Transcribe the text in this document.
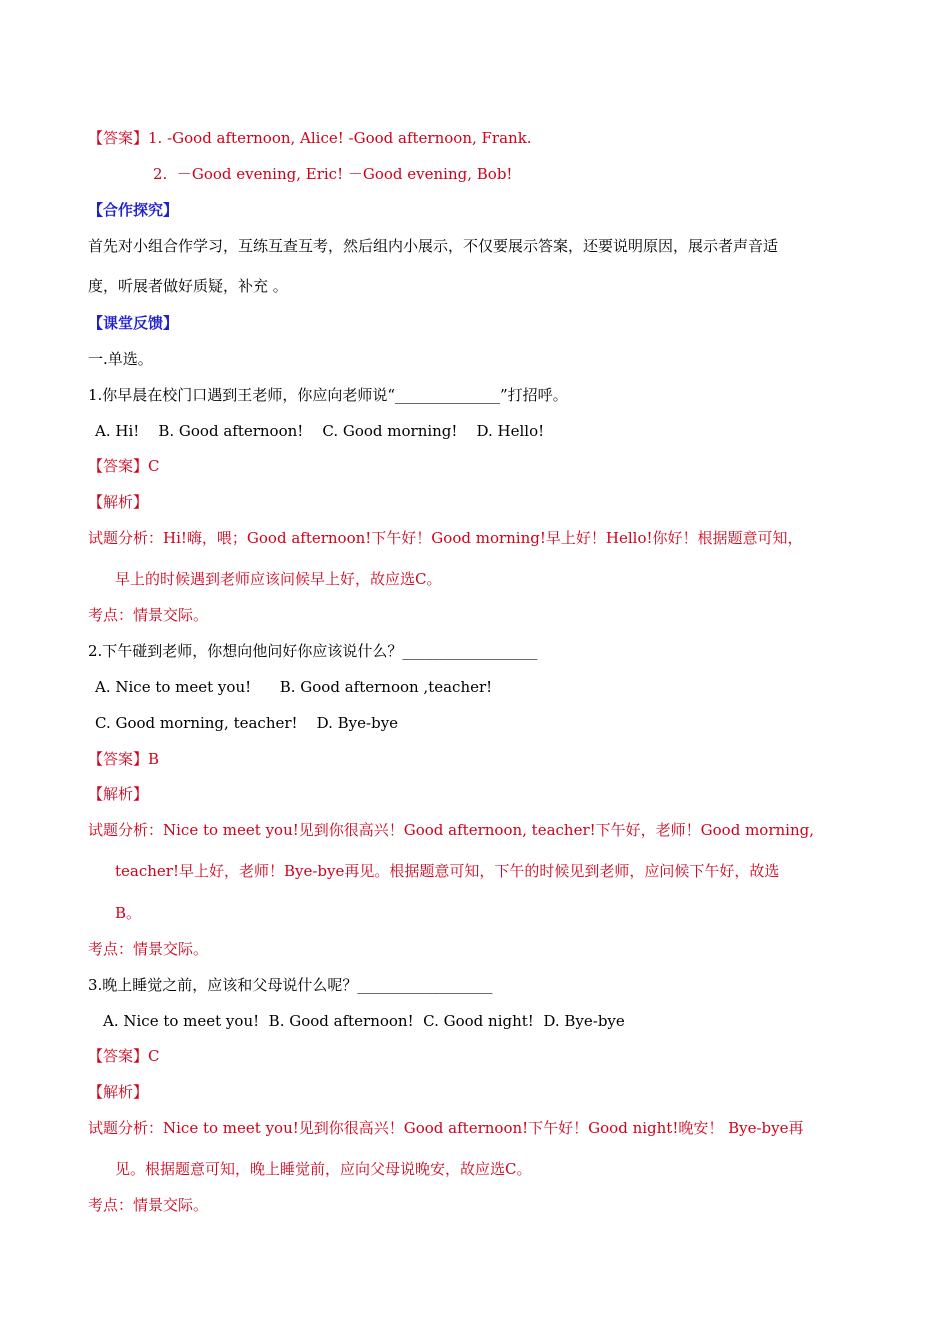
【答案】1. -Good afternoon, Alice! -Good afternoon, Frank.
2.  －Good evening, Eric! －Good evening, Bob!
【合作探究】
首先对小组合作学习，互练互查互考，然后组内小展示，不仅要展示答案，还要说明原因，展示者声音适
度，听展者做好质疑，补充 。
【课堂反馈】
一.单选。
1.你早晨在校门口遇到王老师，你应向老师说“______________”打招呼。
A. Hi!    B. Good afternoon!    C. Good morning!    D. Hello!
【答案】C
【解析】
试题分析：Hi!嗨，喂；Good afternoon!下午好！Good morning!早上好！Hello!你好！根据题意可知，
早上的时候遇到老师应该问候早上好，故应选C。
考点：情景交际。
2.下午碰到老师，你想向他问好你应该说什么？__________________
A. Nice to meet you!      B. Good afternoon ,teacher!
C. Good morning, teacher!    D. Bye-bye
【答案】B
【解析】
试题分析：Nice to meet you!见到你很高兴！Good afternoon, teacher!下午好，老师！Good morning,
teacher!早上好，老师！Bye-bye再见。根据题意可知，下午的时候见到老师，应问候下午好，故选
B。
考点：情景交际。
3.晚上睡觉之前，应该和父母说什么呢？__________________
A. Nice to meet you!  B. Good afternoon!  C. Good night!  D. Bye-bye
【答案】C
【解析】
试题分析：Nice to meet you!见到你很高兴！Good afternoon!下午好！Good night!晚安！ Bye-bye再
见。根据题意可知，晚上睡觉前，应向父母说晚安，故应选C。
考点：情景交际。
